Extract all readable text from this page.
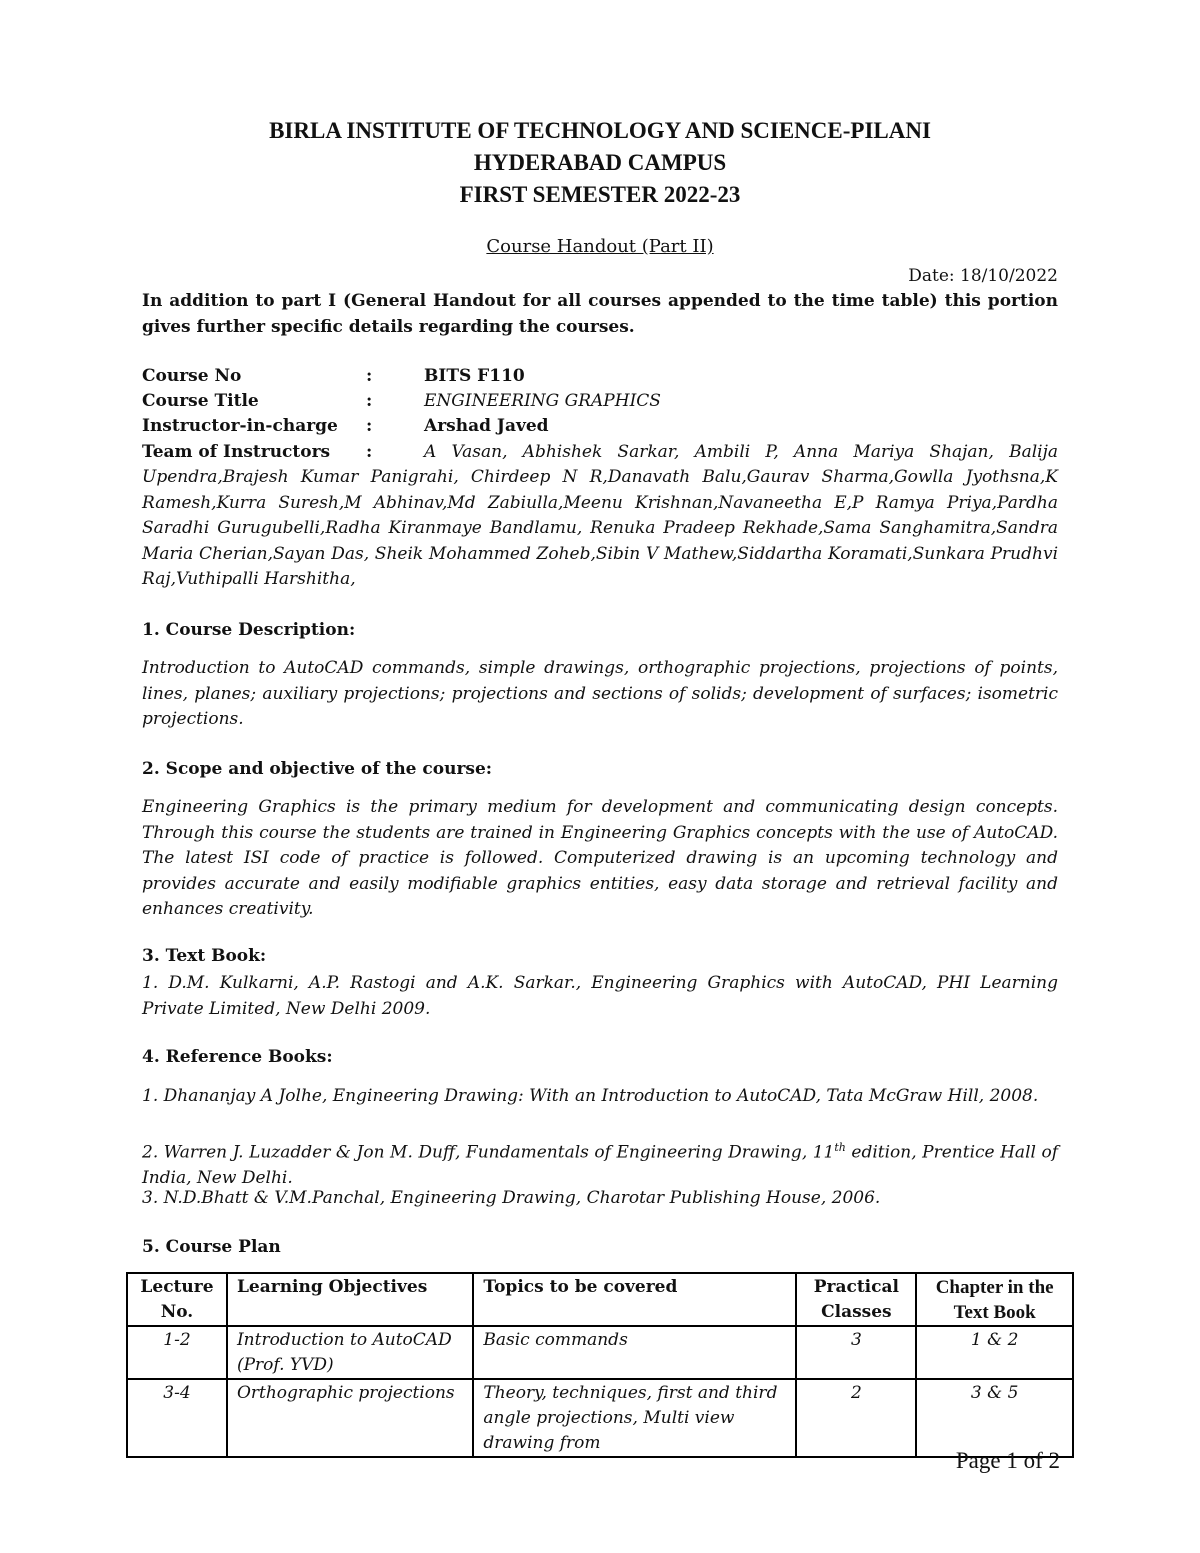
BIRLA INSTITUTE OF TECHNOLOGY AND SCIENCE-PILANI
HYDERABAD CAMPUS
FIRST SEMESTER 2022-23
Course Handout (Part II)
Date: 18/10/2022
In addition to part I (General Handout for all courses appended to the time table) this portion gives further specific details regarding the courses.
Course No	:	BITS F110
Course Title	:	ENGINEERING GRAPHICS
Instructor-in-charge :	Arshad Javed
Team of Instructors :	A Vasan, Abhishek Sarkar, Ambili P, Anna Mariya Shajan, Balija
Upendra,Brajesh Kumar Panigrahi, Chirdeep N R,Danavath Balu,Gaurav Sharma,Gowlla Jyothsna,K Ramesh,Kurra Suresh,M Abhinav,Md Zabiulla,Meenu Krishnan,Navaneetha E,P Ramya Priya,Pardha Saradhi Gurugubelli,Radha Kiranmaye Bandlamu, Renuka Pradeep Rekhade,Sama Sanghamitra,Sandra Maria Cherian,Sayan Das, Sheik Mohammed Zoheb,Sibin V Mathew,Siddartha Koramati,Sunkara Prudhvi Raj,Vuthipalli Harshitha,
1. Course Description:
Introduction to AutoCAD commands, simple drawings, orthographic projections, projections of points, lines, planes; auxiliary projections; projections and sections of solids; development of surfaces; isometric projections.
2. Scope and objective of the course:
Engineering Graphics is the primary medium for development and communicating design concepts. Through this course the students are trained in Engineering Graphics concepts with the use of AutoCAD. The latest ISI code of practice is followed. Computerized drawing is an upcoming technology and provides accurate and easily modifiable graphics entities, easy data storage and retrieval facility and enhances creativity.
3. Text Book:
1. D.M. Kulkarni, A.P. Rastogi and A.K. Sarkar., Engineering Graphics with AutoCAD, PHI Learning Private Limited, New Delhi 2009.
4. Reference Books:
1. Dhananjay A Jolhe, Engineering Drawing: With an Introduction to AutoCAD, Tata McGraw Hill, 2008.
2. Warren J. Luzadder & Jon M. Duff, Fundamentals of Engineering Drawing, 11th edition, Prentice Hall of India, New Delhi.
3. N.D.Bhatt & V.M.Panchal, Engineering Drawing, Charotar Publishing House, 2006.
5. Course Plan
Lecture No.	Learning Objectives	Topics to be covered	Practical Classes	Chapter in the Text Book
1-2	Introduction to AutoCAD (Prof. YVD)	Basic commands	3	1 & 2
3-4	Orthographic projections	Theory, techniques, first and third angle projections, Multi view drawing from	2	3 & 5
Page 1 of 2
